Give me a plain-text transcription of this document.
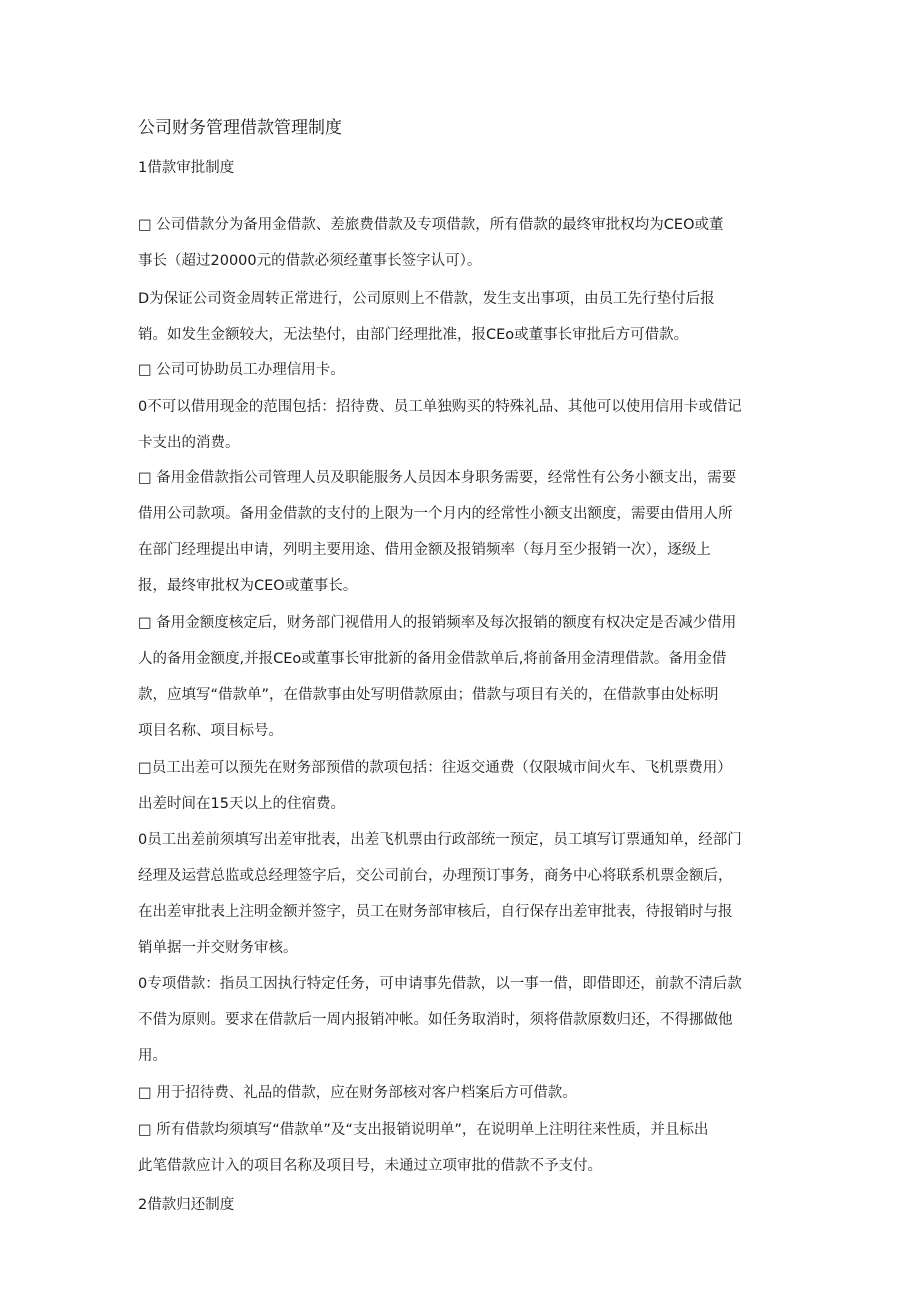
公司财务管理借款管理制度
1借款审批制度
□ 公司借款分为备用金借款、差旅费借款及专项借款，所有借款的最终审批权均为CEO或董
事长（超过20000元的借款必须经董事长签字认可）。
D为保证公司资金周转正常进行，公司原则上不借款，发生支出事项，由员工先行垫付后报
销。如发生金额较大，无法垫付，由部门经理批准，报CEo或董事长审批后方可借款。
□ 公司可协助员工办理信用卡。
0不可以借用现金的范围包括：招待费、员工单独购买的特殊礼品、其他可以使用信用卡或借记
卡支出的消费。
□ 备用金借款指公司管理人员及职能服务人员因本身职务需要，经常性有公务小额支出，需要
借用公司款项。备用金借款的支付的上限为一个月内的经常性小额支出额度，需要由借用人所
在部门经理提出申请，列明主要用途、借用金额及报销频率（每月至少报销一次），逐级上
报，最终审批权为CEO或董事长。
□ 备用金额度核定后，财务部门视借用人的报销频率及每次报销的额度有权决定是否减少借用
人的备用金额度,并报CEo或董事长审批新的备用金借款单后,将前备用金清理借款。备用金借
款，应填写“借款单”，在借款事由处写明借款原由；借款与项目有关的，在借款事由处标明
项目名称、项目标号。
□员工出差可以预先在财务部预借的款项包括：往返交通费（仅限城市间火车、飞机票费用）
出差时间在15天以上的住宿费。
0员工出差前须填写出差审批表，出差飞机票由行政部统一预定，员工填写订票通知单，经部门
经理及运营总监或总经理签字后，交公司前台，办理预订事务，商务中心将联系机票金额后，
在出差审批表上注明金额并签字，员工在财务部审核后，自行保存出差审批表，待报销时与报
销单据一并交财务审核。
0专项借款：指员工因执行特定任务，可申请事先借款，以一事一借，即借即还，前款不清后款
不借为原则。要求在借款后一周内报销冲帐。如任务取消时，须将借款原数归还，不得挪做他
用。
□ 用于招待费、礼品的借款，应在财务部核对客户档案后方可借款。
□ 所有借款均须填写“借款单”及“支出报销说明单”，在说明单上注明往来性质，并且标出
此笔借款应计入的项目名称及项目号，未通过立项审批的借款不予支付。
2借款归还制度
